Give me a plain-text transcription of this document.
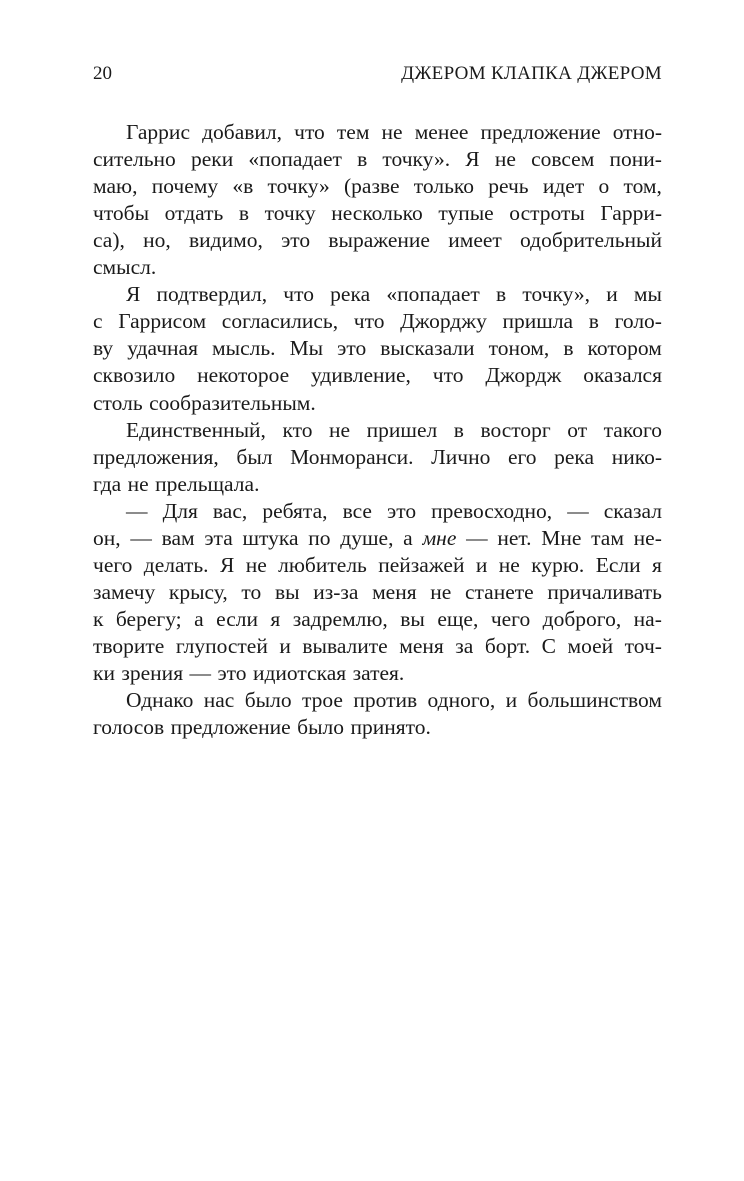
20	ДЖЕРОМ КЛАПКА ДЖЕРОМ
Гаррис добавил, что тем не менее предложение отно-
сительно реки «попадает в точку». Я не совсем пони-
маю, почему «в точку» (разве только речь идет о том,
чтобы отдать в точку несколько тупые остроты Гарри-
са), но, видимо, это выражение имеет одобрительный
смысл.
Я подтвердил, что река «попадает в точку», и мы
с Гаррисом согласились, что Джорджу пришла в голо-
ву удачная мысль. Мы это высказали тоном, в котором
сквозило некоторое удивление, что Джордж оказался
столь сообразительным.
Единственный, кто не пришел в восторг от такого
предложения, был Монморанси. Лично его река нико-
гда не прельщала.
— Для вас, ребята, все это превосходно, — сказал
он, — вам эта штука по душе, а мне — нет. Мне там не-
чего делать. Я не любитель пейзажей и не курю. Если я
замечу крысу, то вы из-за меня не станете причаливать
к берегу; а если я задремлю, вы еще, чего доброго, на-
творите глупостей и вывалите меня за борт. С моей точ-
ки зрения — это идиотская затея.
Однако нас было трое против одного, и большинством
голосов предложение было принято.
